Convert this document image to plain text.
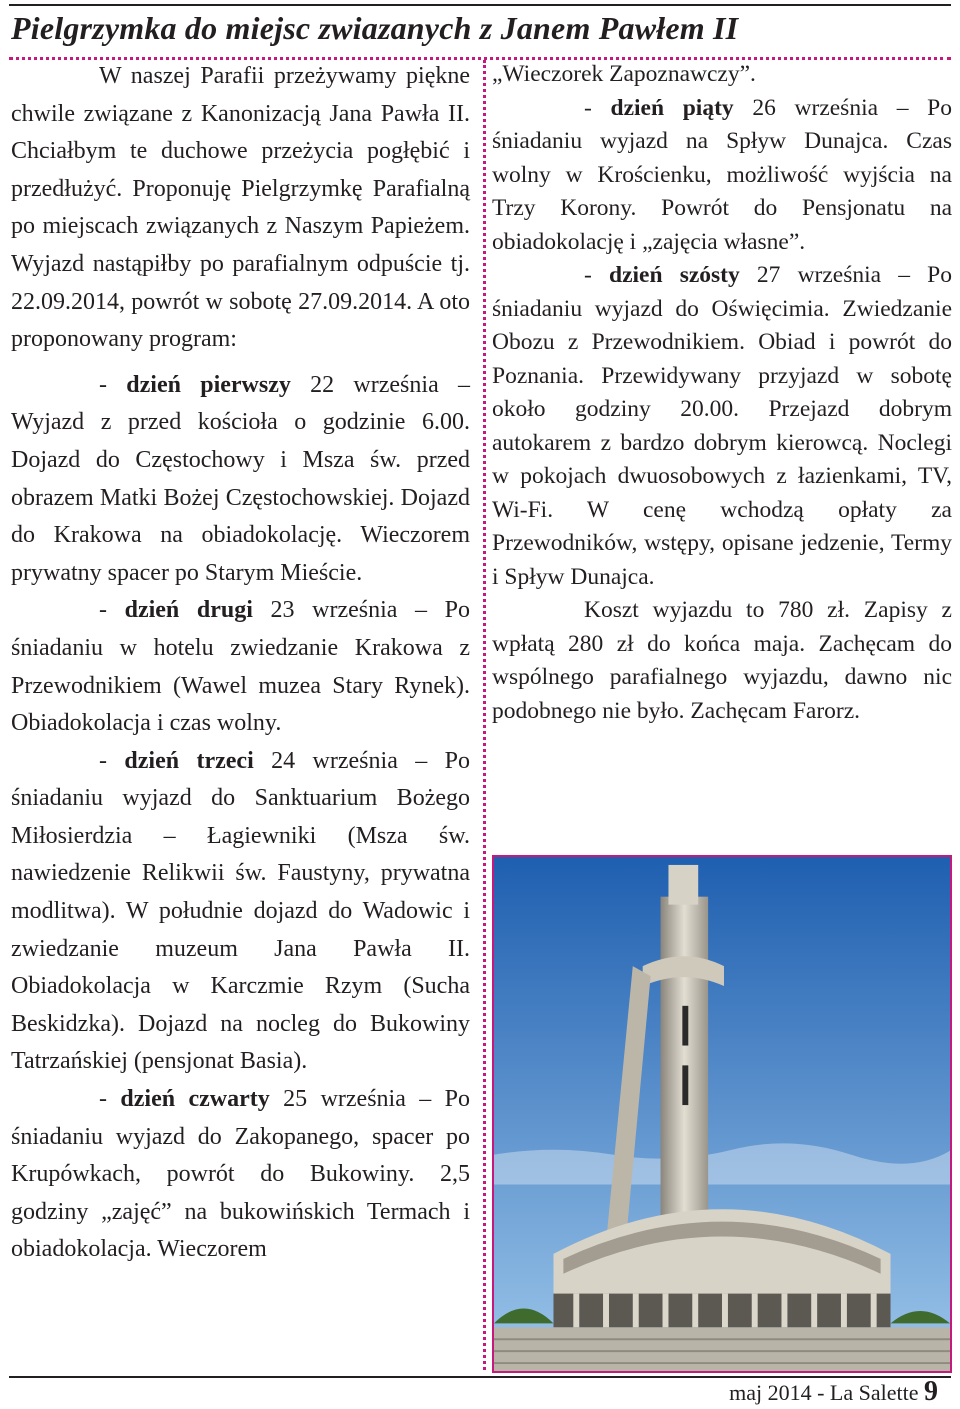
Pielgrzymka do miejsc zwiazanych z Janem Pawłem II

W naszej Parafii przeżywamy piękne chwile związane z Kanonizacją Jana Pawła II. Chciałbym te duchowe przeżycia pogłębić i przedłużyć. Proponuję Pielgrzymkę Parafialną po miejscach związanych z Naszym Papieżem. Wyjazd nastąpiłby po parafialnym odpuście tj. 22.09.2014, powrót w sobotę 27.09.2014. A oto proponowany program:

- dzień pierwszy 22 września – Wyjazd z przed kościoła o godzinie 6.00. Dojazd do Częstochowy i Msza św. przed obrazem Matki Bożej Częstochowskiej. Dojazd do Krakowa na obiadokolację. Wieczorem prywatny spacer po Starym Mieście.

- dzień drugi 23 września – Po śniadaniu w hotelu zwiedzanie Krakowa z Przewodnikiem (Wawel muzea Stary Rynek). Obiadokolacja i czas wolny.

- dzień trzeci 24 września – Po śniadaniu wyjazd do Sanktuarium Bożego Miłosierdzia – Łagiewniki (Msza św. nawiedzenie Relikwii św. Faustyny, prywatna modlitwa). W południe dojazd do Wadowic i zwiedzanie muzeum Jana Pawła II. Obiadokolacja w Karczmie Rzym (Sucha Beskidzka). Dojazd na nocleg do Bukowiny Tatrzańskiej (pensjonat Basia).

- dzień czwarty 25 września – Po śniadaniu wyjazd do Zakopanego, spacer po Krupówkach, powrót do Bukowiny. 2,5 godziny „zajęć” na bukowińskich Termach i obiadokolacja. Wieczorem

„Wieczorek Zapoznawczy”.

- dzień piąty 26 września – Po śniadaniu wyjazd na Spływ Dunajca. Czas wolny w Krościenku, możliwość wyjścia na Trzy Korony. Powrót do Pensjonatu na obiadokolację i „zajęcia własne”.

- dzień szósty 27 września – Po śniadaniu wyjazd do Oświęcimia. Zwiedzanie Obozu z Przewodnikiem. Obiad i powrót do Poznania. Przewidywany przyjazd w sobotę około godziny 20.00. Przejazd dobrym autokarem z bardzo dobrym kierowcą. Noclegi w pokojach dwuosobowych z łazienkami, TV, Wi-Fi. W cenę wchodzą opłaty za Przewodników, wstępy, opisane jedzenie, Termy i Spływ Dunajca.

Koszt wyjazdu to 780 zł. Zapisy z wpłatą 280 zł do końca maja. Zachęcam do wspólnego parafialnego wyjazdu, dawno nic podobnego nie było. Zachęcam Farorz.

maj 2014 - La Salette 9
